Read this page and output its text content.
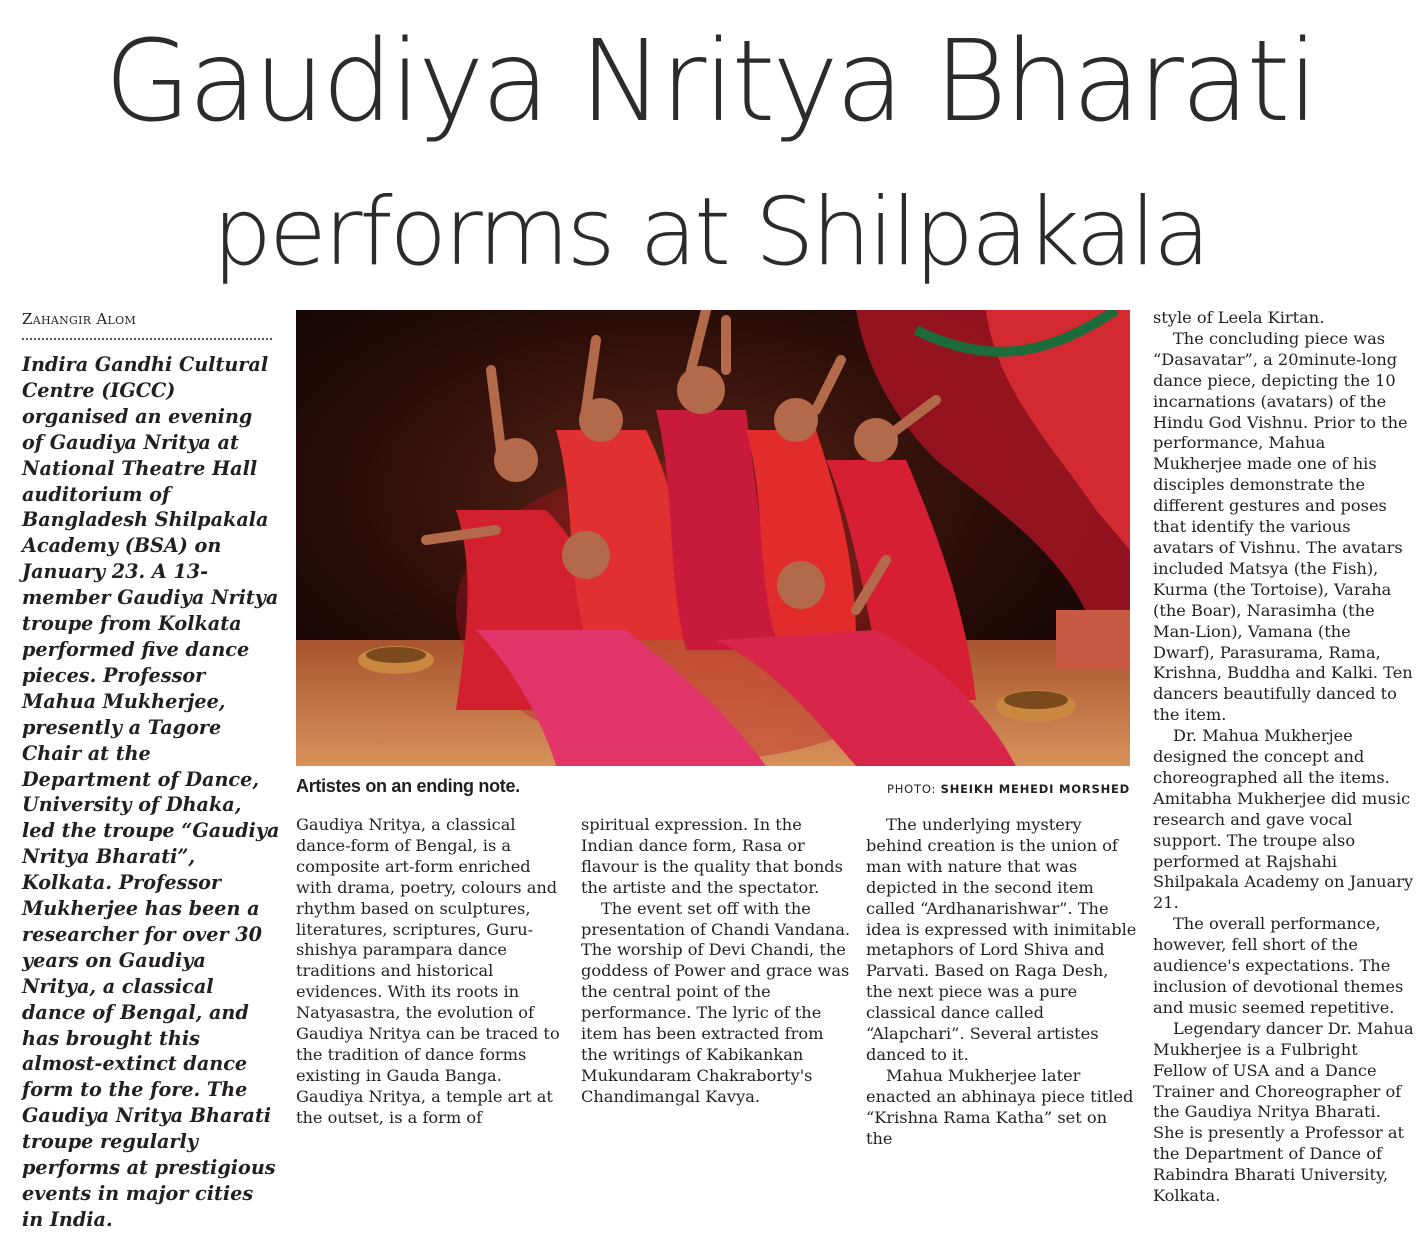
Gaudiya Nritya Bharati
performs at Shilpakala
Zahangir Alom
Indira Gandhi Cultural Centre (IGCC) organised an evening of Gaudiya Nritya at National Theatre Hall auditorium of Bangladesh Shilpakala Academy (BSA) on January 23. A 13-member Gaudiya Nritya troupe from Kolkata performed five dance pieces. Professor Mahua Mukherjee, presently a Tagore Chair at the Department of Dance, University of Dhaka, led the troupe “Gaudiya Nritya Bharati”, Kolkata. Professor Mukherjee has been a researcher for over 30 years on Gaudiya Nritya, a classical dance of Bengal, and has brought this almost-extinct dance form to the fore. The Gaudiya Nritya Bharati troupe regularly performs at prestigious events in major cities in India.
Artistes on an ending note.	PHOTO: SHEIKH MEHEDI MORSHED

Gaudiya Nritya, a classical dance-form of Bengal, is a composite art-form enriched with drama, poetry, colours and rhythm based on sculptures, literatures, scriptures, Guru-shishya parampara dance traditions and historical evidences. With its roots in Natyasastra, the evolution of Gaudiya Nritya can be traced to the tradition of dance forms existing in Gauda Banga. Gaudiya Nritya, a temple art at the outset, is a form of

spiritual expression. In the Indian dance form, Rasa or flavour is the quality that bonds the artiste and the spectator.

The event set off with the presentation of Chandi Vandana. The worship of Devi Chandi, the goddess of Power and grace was the central point of the performance. The lyric of the item has been extracted from the writings of Kabikankan Mukundaram Chakraborty's Chandimangal Kavya.

The underlying mystery behind creation is the union of man with nature that was depicted in the second item called “Ardhanarishwar”. The idea is expressed with inimitable metaphors of Lord Shiva and Parvati. Based on Raga Desh, the next piece was a pure classical dance called “Alapchari”. Several artistes danced to it.

Mahua Mukherjee later enacted an abhinaya piece titled “Krishna Rama Katha” set on the

style of Leela Kirtan.

The concluding piece was “Dasavatar”, a 20minute-long dance piece, depicting the 10 incarnations (avatars) of the Hindu God Vishnu. Prior to the performance, Mahua Mukherjee made one of his disciples demonstrate the different gestures and poses that identify the various avatars of Vishnu. The avatars included Matsya (the Fish), Kurma (the Tortoise), Varaha (the Boar), Narasimha (the Man-Lion), Vamana (the Dwarf), Parasurama, Rama, Krishna, Buddha and Kalki. Ten dancers beautifully danced to the item.

Dr. Mahua Mukherjee designed the concept and choreographed all the items. Amitabha Mukherjee did music research and gave vocal support. The troupe also performed at Rajshahi Shilpakala Academy on January 21.

The overall performance, however, fell short of the audience's expectations. The inclusion of devotional themes and music seemed repetitive.

Legendary dancer Dr. Mahua Mukherjee is a Fulbright Fellow of USA and a Dance Trainer and Choreographer of the Gaudiya Nritya Bharati. She is presently a Professor at the Department of Dance of Rabindra Bharati University, Kolkata.
